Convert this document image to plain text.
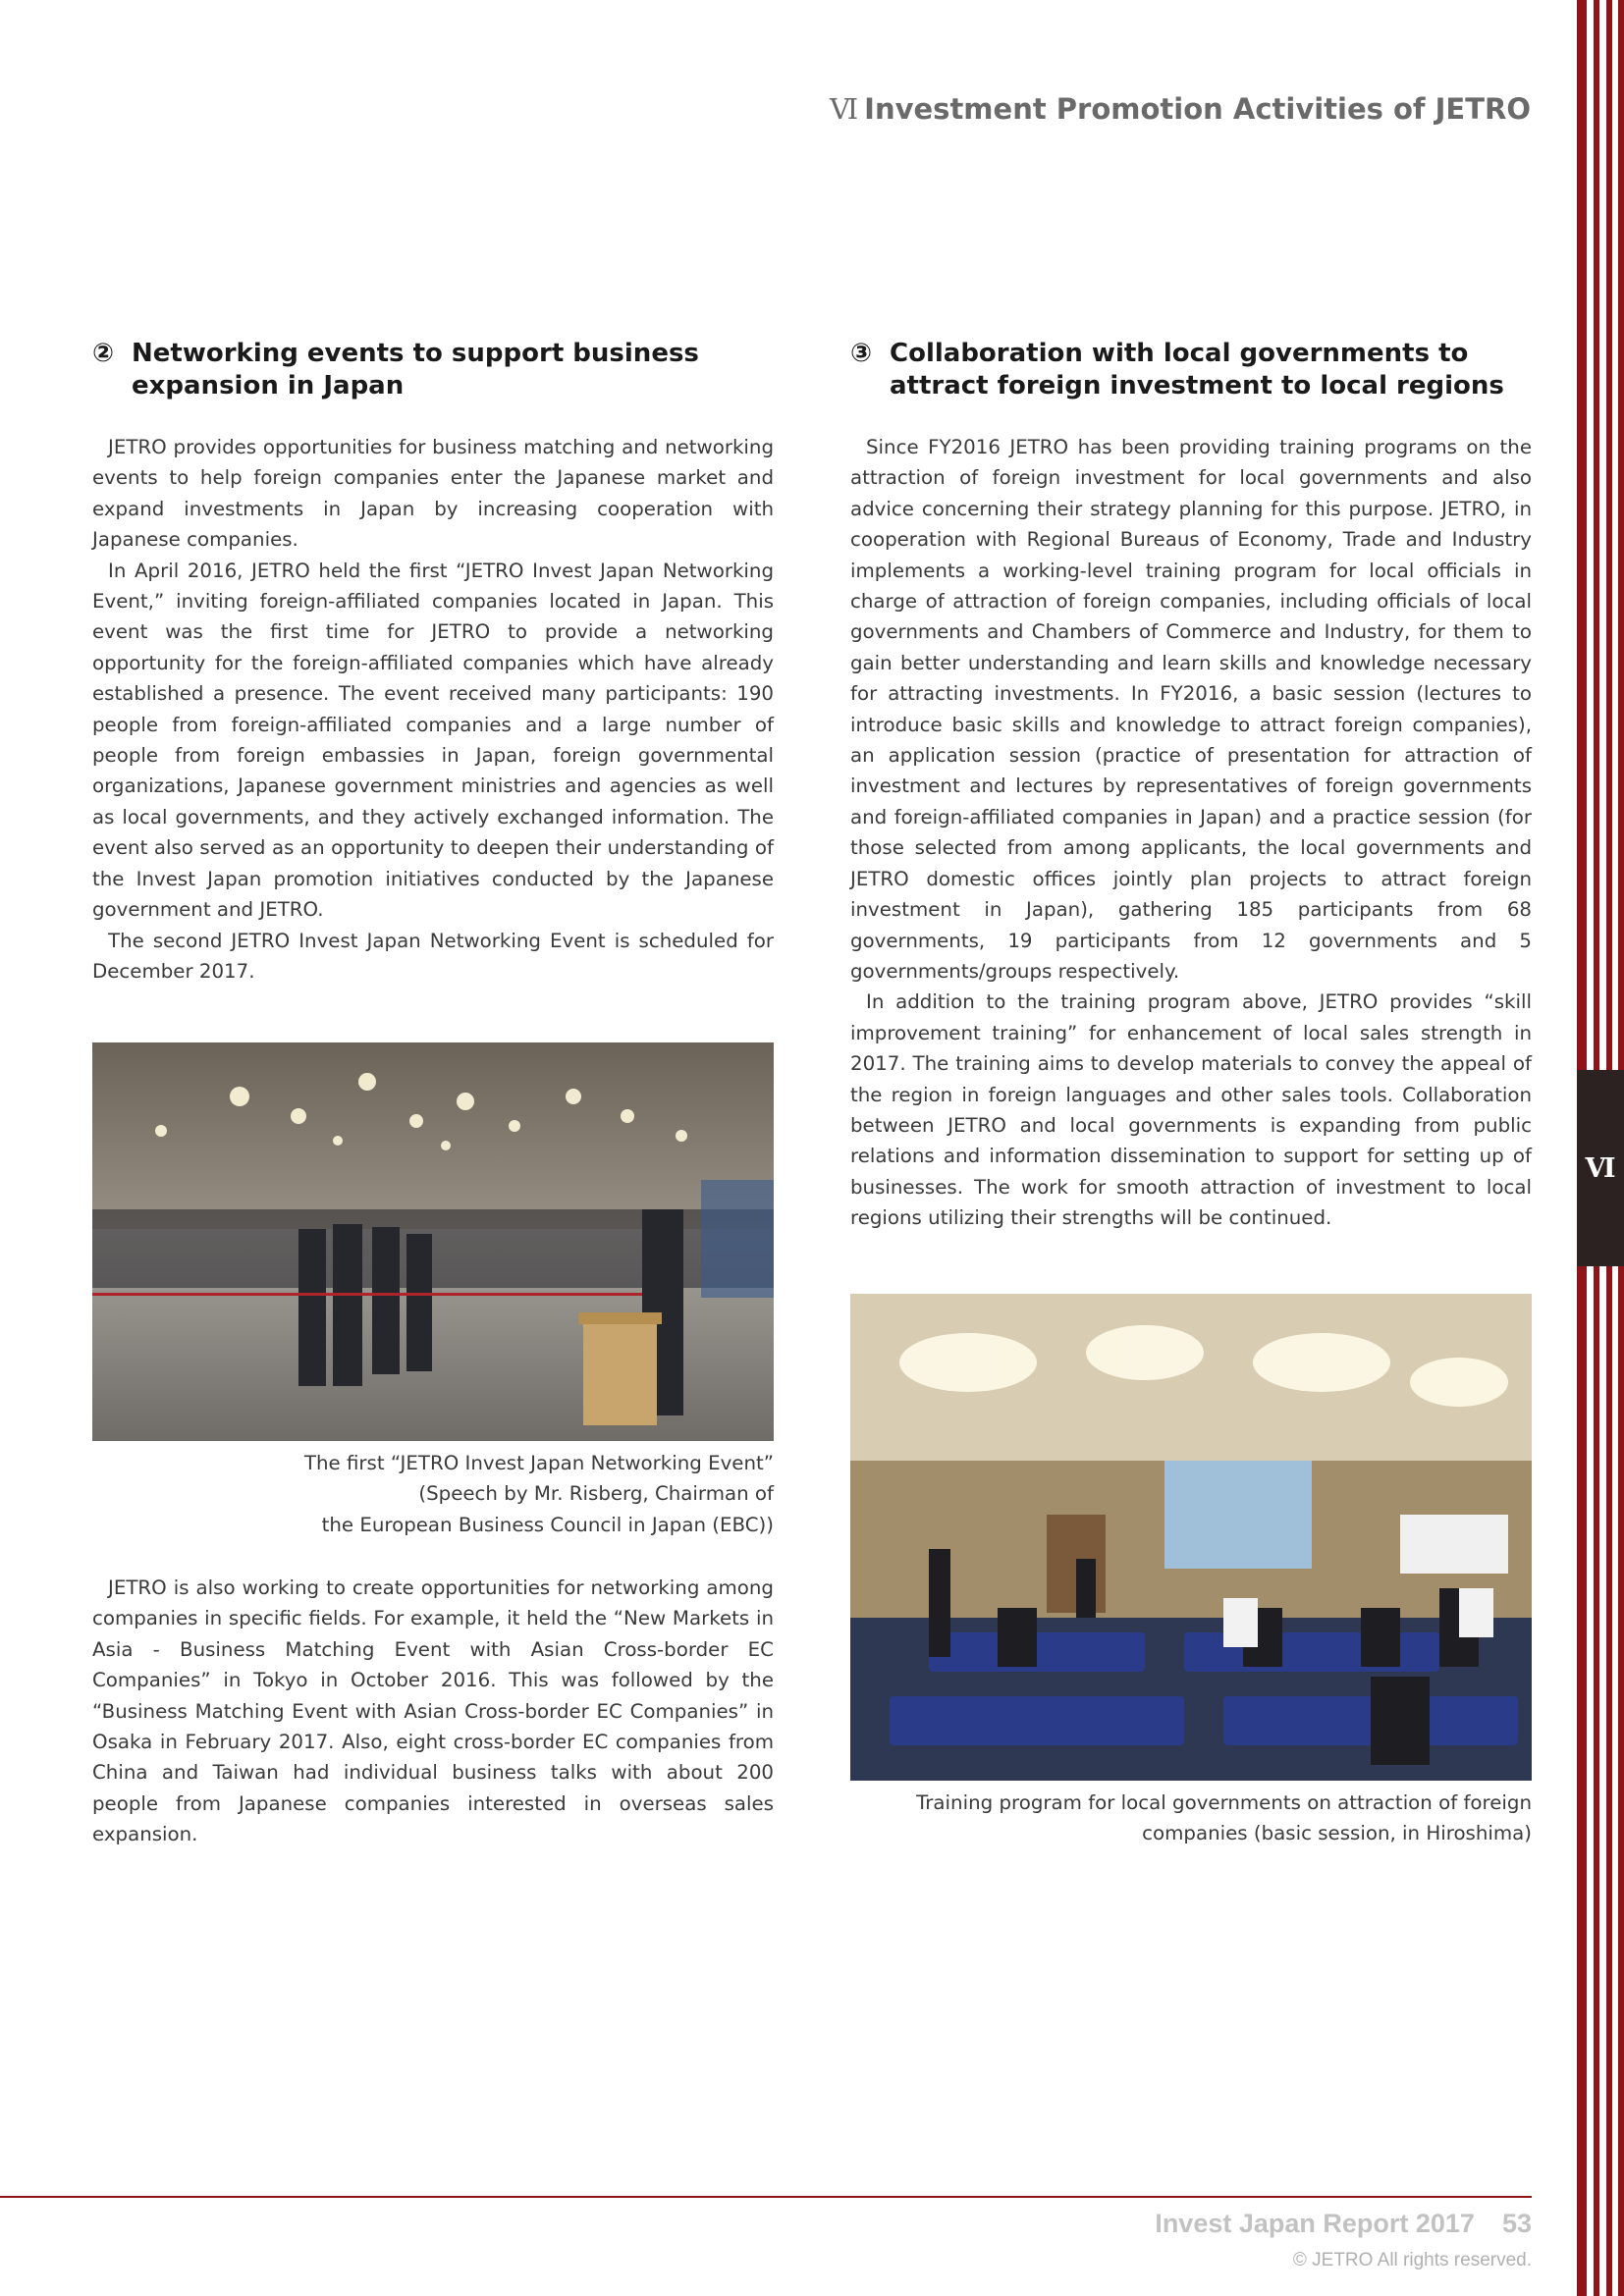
Ⅵ
Ⅵ Investment Promotion Activities of JETRO
② Networking events to support business expansion in Japan

JETRO provides opportunities for business matching and networking events to help foreign companies enter the Japanese market and expand investments in Japan by increasing cooperation with Japanese companies.

In April 2016, JETRO held the first “JETRO Invest Japan Networking Event,” inviting foreign-affiliated companies located in Japan. This event was the first time for JETRO to provide a networking opportunity for the foreign-affiliated companies which have already established a presence. The event received many participants: 190 people from foreign-affiliated companies and a large number of people from foreign embassies in Japan, foreign governmental organizations, Japanese government ministries and agencies as well as local governments, and they actively exchanged information. The event also served as an opportunity to deepen their understanding of the Invest Japan promotion initiatives conducted by the Japanese government and JETRO.

The second JETRO Invest Japan Networking Event is scheduled for December 2017.

The first “JETRO Invest Japan Networking Event”
(Speech by Mr. Risberg, Chairman of
the European Business Council in Japan (EBC))

JETRO is also working to create opportunities for networking among companies in specific fields. For example, it held the “New Markets in Asia - Business Matching Event with Asian Cross-border EC Companies” in Tokyo in October 2016. This was followed by the “Business Matching Event with Asian Cross-border EC Companies” in Osaka in February 2017. Also, eight cross-border EC companies from China and Taiwan had individual business talks with about 200 people from Japanese companies interested in overseas sales expansion.

③ Collaboration with local governments to attract foreign investment to local regions

Since FY2016 JETRO has been providing training programs on the attraction of foreign investment for local governments and also advice concerning their strategy planning for this purpose. JETRO, in cooperation with Regional Bureaus of Economy, Trade and Industry implements a working-level training program for local officials in charge of attraction of foreign companies, including officials of local governments and Chambers of Commerce and Industry, for them to gain better understanding and learn skills and knowledge necessary for attracting investments. In FY2016, a basic session (lectures to introduce basic skills and knowledge to attract foreign companies), an application session (practice of presentation for attraction of investment and lectures by representatives of foreign governments and foreign-affiliated companies in Japan) and a practice session (for those selected from among applicants, the local governments and JETRO domestic offices jointly plan projects to attract foreign investment in Japan), gathering 185 participants from 68 governments, 19 participants from 12 governments and 5 governments/groups respectively.

In addition to the training program above, JETRO provides “skill improvement training” for enhancement of local sales strength in 2017. The training aims to develop materials to convey the appeal of the region in foreign languages and other sales tools. Collaboration between JETRO and local governments is expanding from public relations and information dissemination to support for setting up of businesses. The work for smooth attraction of investment to local regions utilizing their strengths will be continued.

Training program for local governments on attraction of foreign
companies (basic session, in Hiroshima)
Invest Japan Report 2017 53
© JETRO All rights reserved.
